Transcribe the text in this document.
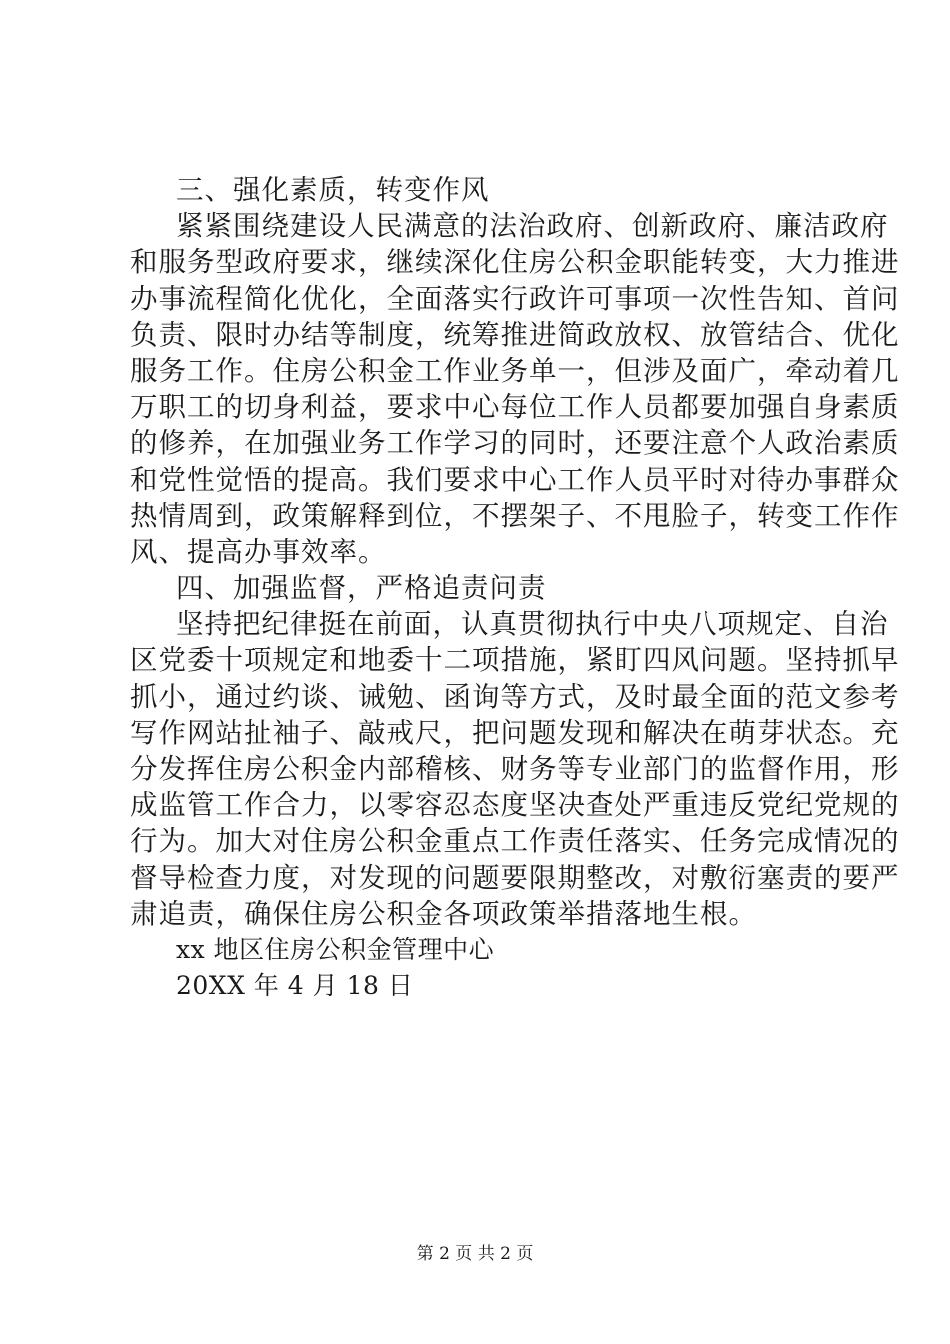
三、强化素质，转变作风
紧紧围绕建设人民满意的法治政府、创新政府、廉洁政府
和服务型政府要求，继续深化住房公积金职能转变，大力推进
办事流程简化优化，全面落实行政许可事项一次性告知、首问
负责、限时办结等制度，统筹推进简政放权、放管结合、优化
服务工作。住房公积金工作业务单一，但涉及面广，牵动着几
万职工的切身利益，要求中心每位工作人员都要加强自身素质
的修养，在加强业务工作学习的同时，还要注意个人政治素质
和党性觉悟的提高。我们要求中心工作人员平时对待办事群众
热情周到，政策解释到位，不摆架子、不甩脸子，转变工作作
风、提高办事效率。
四、加强监督，严格追责问责
坚持把纪律挺在前面，认真贯彻执行中央八项规定、自治
区党委十项规定和地委十二项措施，紧盯四风问题。坚持抓早
抓小，通过约谈、诫勉、函询等方式，及时最全面的范文参考
写作网站扯袖子、敲戒尺，把问题发现和解决在萌芽状态。充
分发挥住房公积金内部稽核、财务等专业部门的监督作用，形
成监管工作合力，以零容忍态度坚决查处严重违反党纪党规的
行为。加大对住房公积金重点工作责任落实、任务完成情况的
督导检查力度，对发现的问题要限期整改，对敷衍塞责的要严
肃追责，确保住房公积金各项政策举措落地生根。
xx 地区住房公积金管理中心
20XX 年 4 月 18 日
第 2 页 共 2 页
